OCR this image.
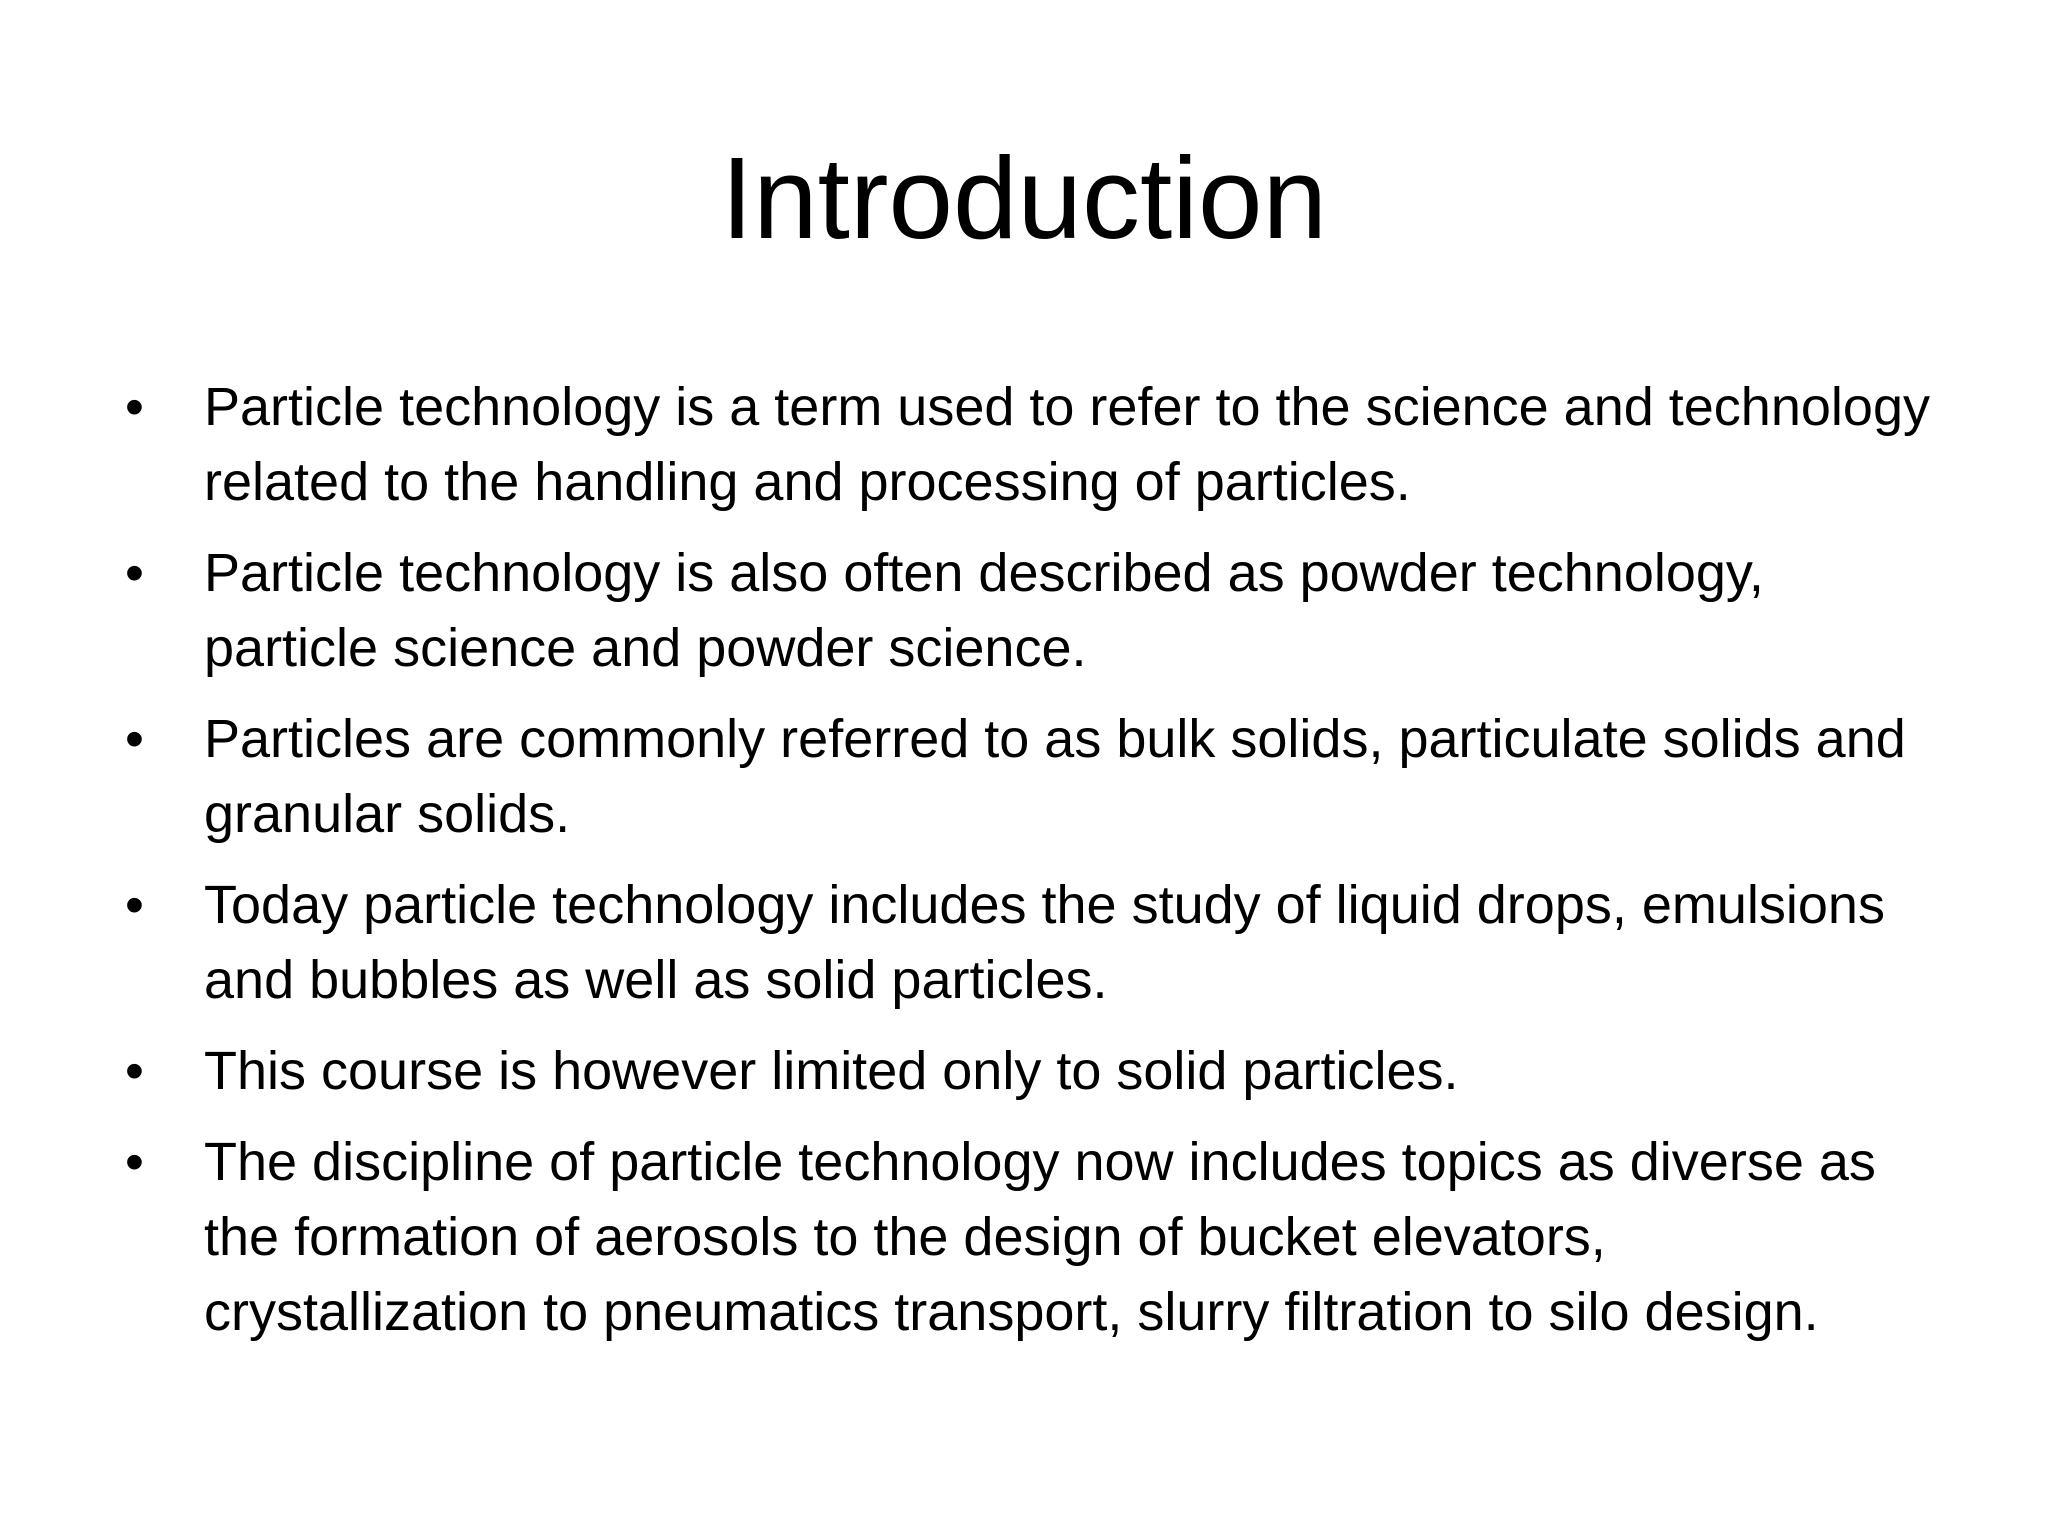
Introduction
• Particle technology is a term used to refer to the science and technology related to the handling and processing of particles.
• Particle technology is also often described as powder technology, particle science and powder science.
• Particles are commonly referred to as bulk solids, particulate solids and granular solids.
• Today particle technology includes the study of liquid drops, emulsions and bubbles as well as solid particles.
• This course is however limited only to solid particles.
• The discipline of particle technology now includes topics as diverse as the formation of aerosols to the design of bucket elevators, crystallization to pneumatics transport, slurry filtration to silo design.
